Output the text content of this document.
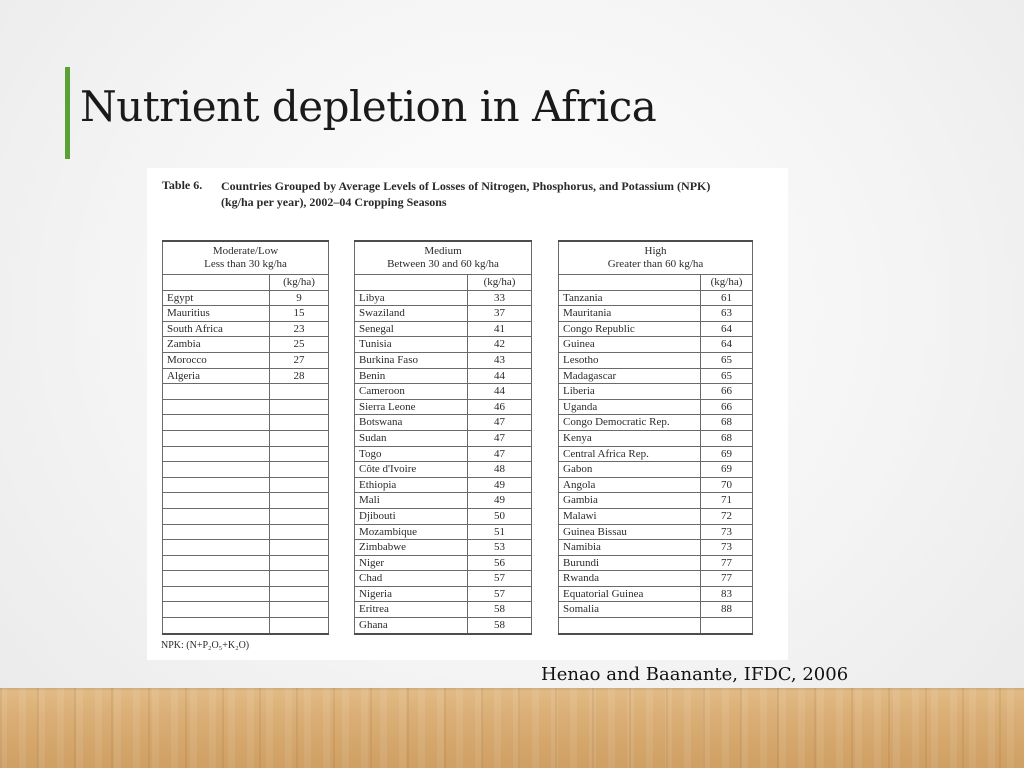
Nutrient depletion in Africa
Table 6. Countries Grouped by Average Levels of Losses of Nitrogen, Phosphorus, and Potassium (NPK) (kg/ha per year), 2002–04 Cropping Seasons
Moderate/Low
Less than 30 kg/ha	
	(kg/ha)
Egypt	9
Mauritius	15
South Africa	23
Zambia	25
Morocco	27
Algeria	28

Medium
Between 30 and 60 kg/ha	
	(kg/ha)
Libya	33
Swaziland	37
Senegal	41
Tunisia	42
Burkina Faso	43
Benin	44
Cameroon	44
Sierra Leone	46
Botswana	47
Sudan	47
Togo	47
Côte d'Ivoire	48
Ethiopia	49
Mali	49
Djibouti	50
Mozambique	51
Zimbabwe	53
Niger	56
Chad	57
Nigeria	57
Eritrea	58
Ghana	58
High
Greater than 60 kg/ha	
	(kg/ha)
Tanzania	61
Mauritania	63
Congo Republic	64
Guinea	64
Lesotho	65
Madagascar	65
Liberia	66
Uganda	66
Congo Democratic Rep.	68
Kenya	68
Central Africa Rep.	69
Gabon	69
Angola	70
Gambia	71
Malawi	72
Guinea Bissau	73
Namibia	73
Burundi	77
Rwanda	77
Equatorial Guinea	83
Somalia	88

NPK: (N+P₂O₅+K₂O)

Henao and Baanante, IFDC, 2006
